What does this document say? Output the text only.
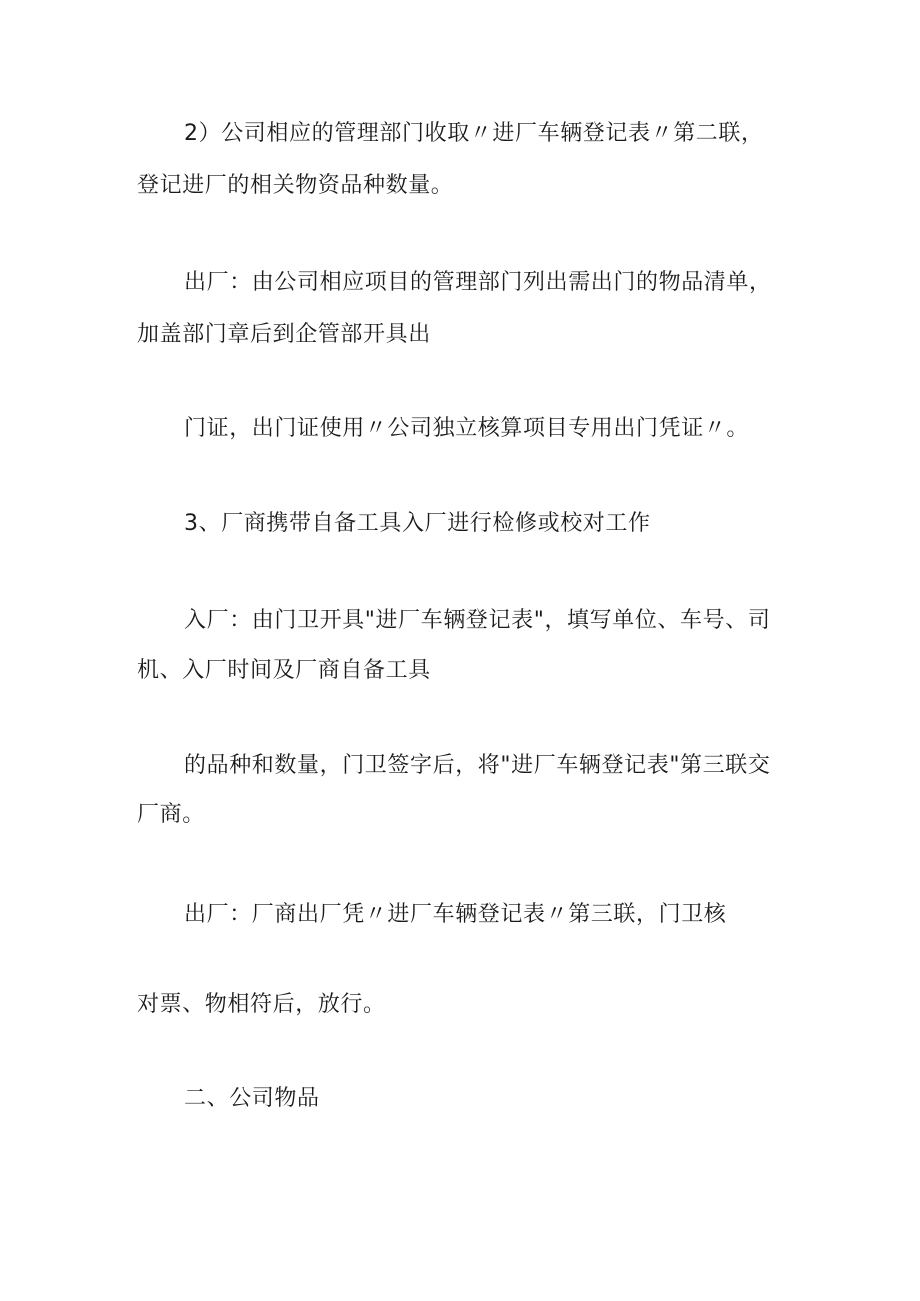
2）公司相应的管理部门收取〃进厂车辆登记表〃第二联，
登记进厂的相关物资品种数量。
出厂：由公司相应项目的管理部门列出需出门的物品清单，
加盖部门章后到企管部开具出
门证，出门证使用〃公司独立核算项目专用出门凭证〃。
3、厂商携带自备工具入厂进行检修或校对工作
入厂：由门卫开具"进厂车辆登记表"，填写单位、车号、司
机、入厂时间及厂商自备工具
的品种和数量，门卫签字后，将"进厂车辆登记表"第三联交
厂商。
出厂：厂商出厂凭〃进厂车辆登记表〃第三联，门卫核
对票、物相符后，放行。
二、公司物品
